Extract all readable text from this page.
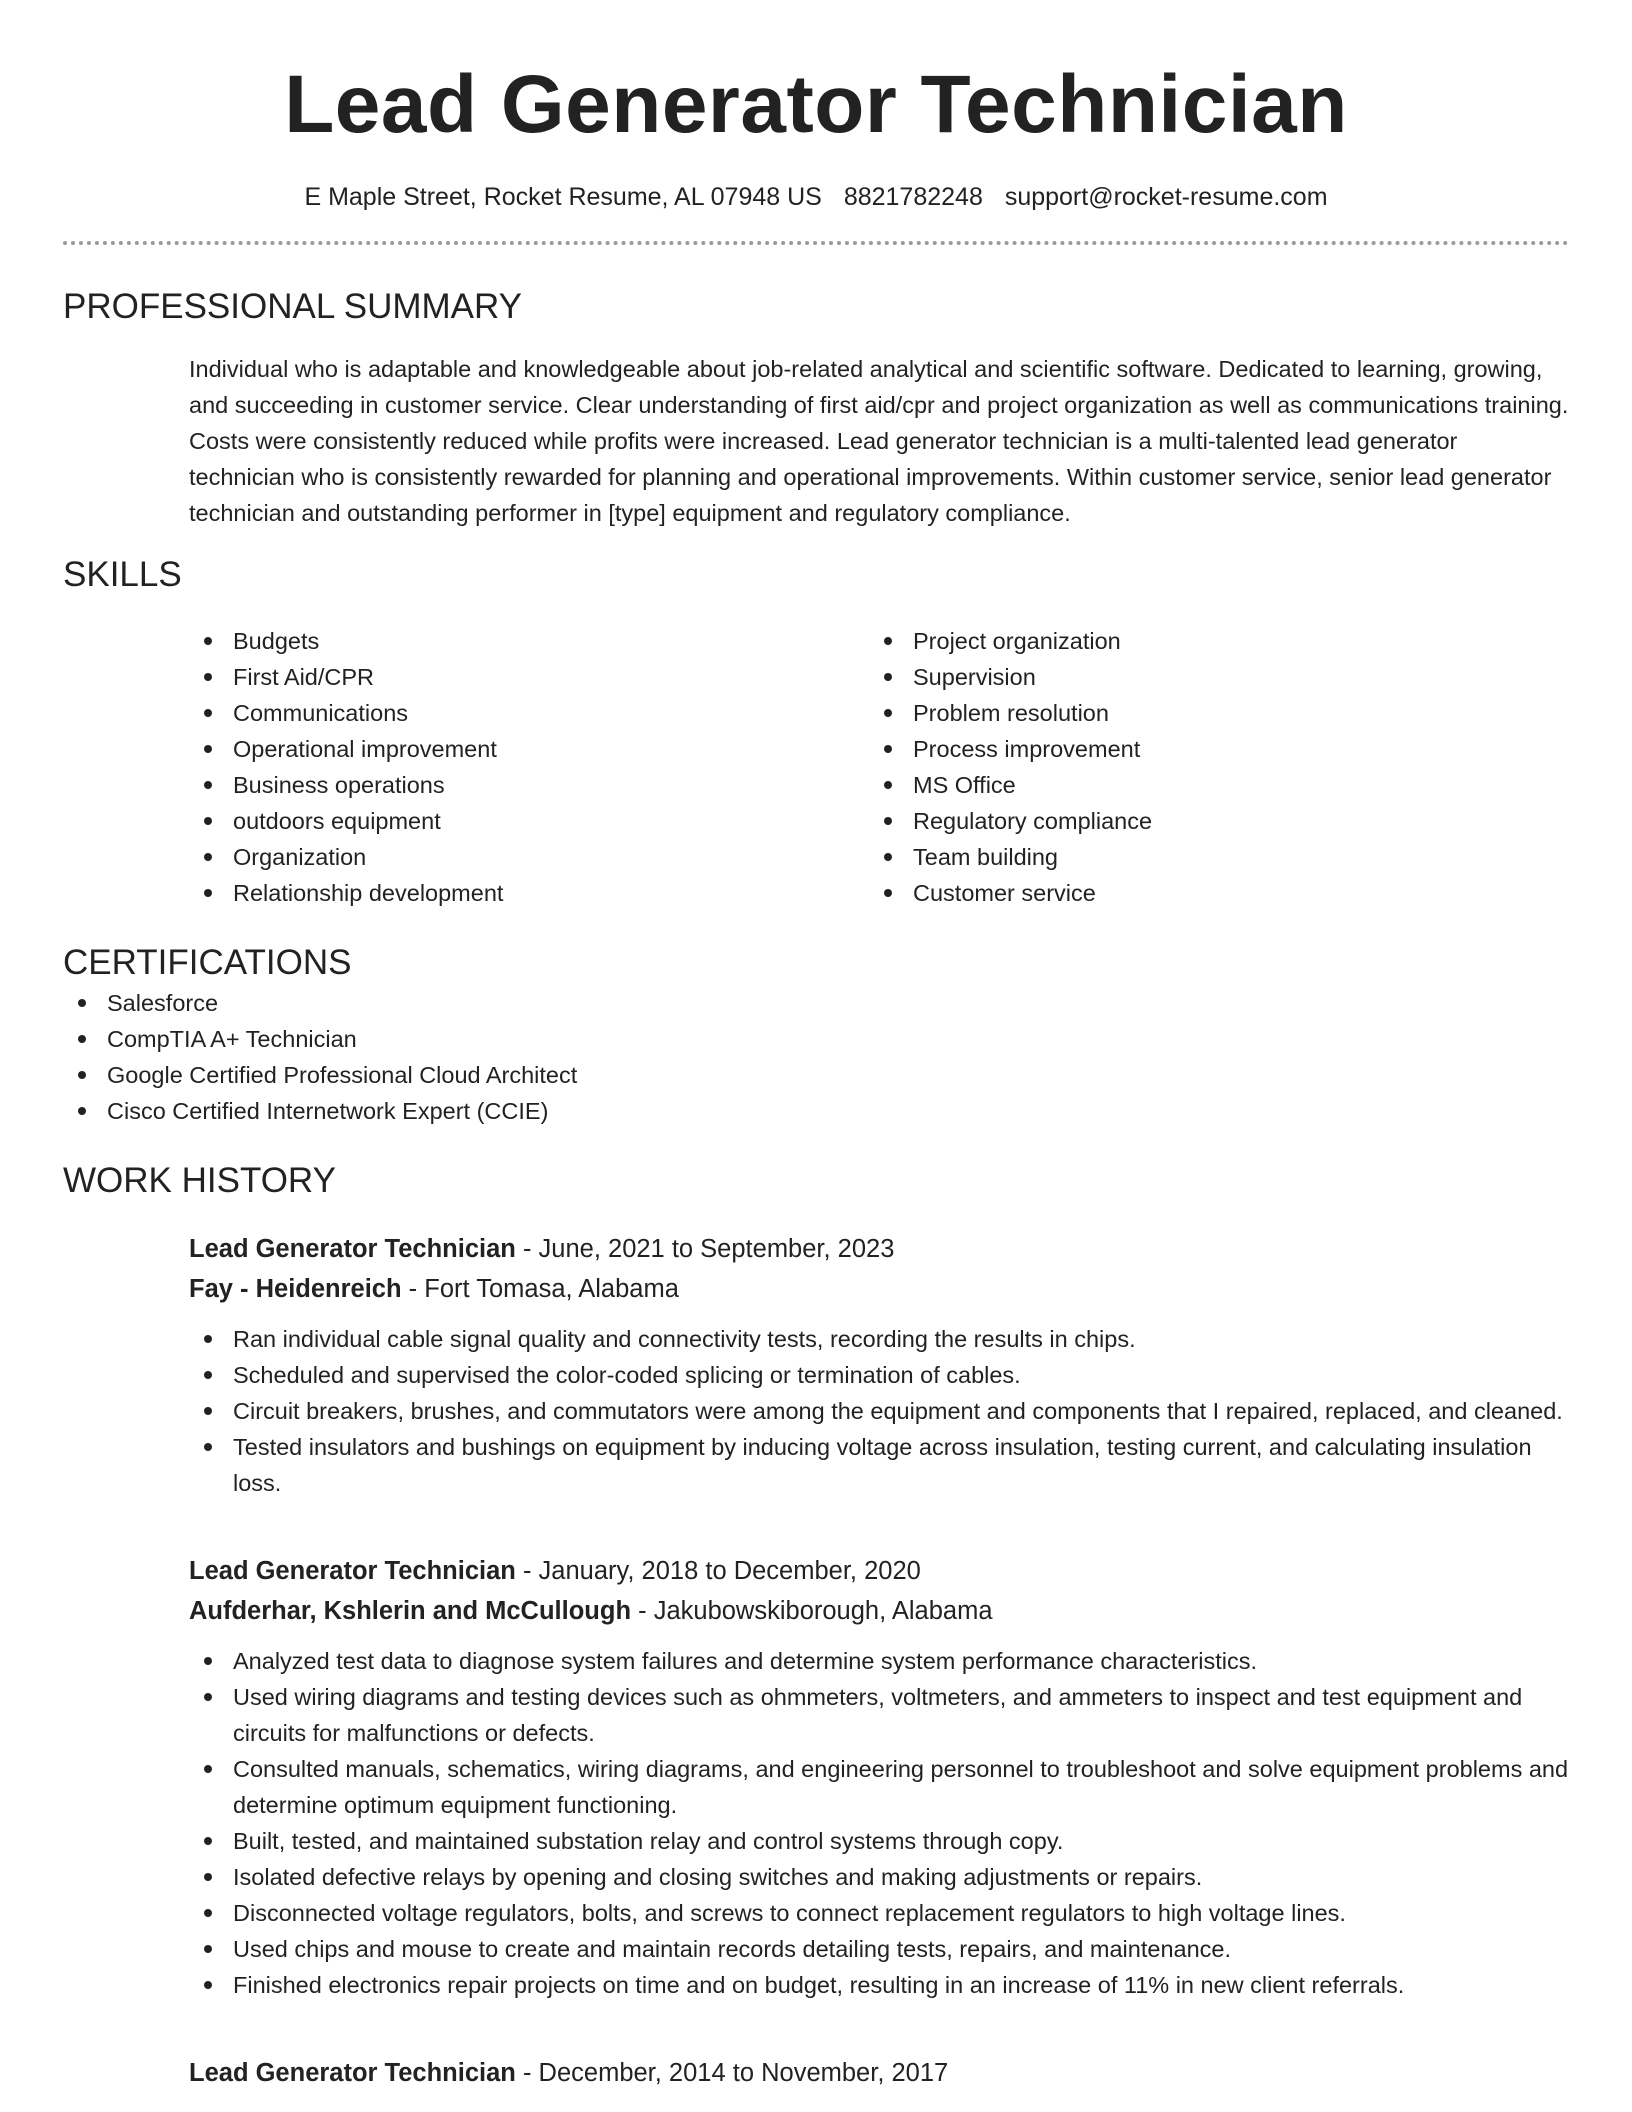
Lead Generator Technician
E Maple Street, Rocket Resume, AL 07948 US 8821782248 support@rocket-resume.com
PROFESSIONAL SUMMARY

Individual who is adaptable and knowledgeable about job-related analytical and scientific software. Dedicated to learning, growing, and succeeding in customer service. Clear understanding of first aid/cpr and project organization as well as communications training. Costs were consistently reduced while profits were increased. Lead generator technician is a multi-talented lead generator technician who is consistently rewarded for planning and operational improvements. Within customer service, senior lead generator technician and outstanding performer in [type] equipment and regulatory compliance.

SKILLS
Budgets
First Aid/CPR
Communications
Operational improvement
Business operations
outdoors equipment
Organization
Relationship development
Project organization
Supervision
Problem resolution
Process improvement
MS Office
Regulatory compliance
Team building
Customer service
CERTIFICATIONS
Salesforce
CompTIA A+ Technician
Google Certified Professional Cloud Architect
Cisco Certified Internetwork Expert (CCIE)
WORK HISTORY
Lead Generator Technician - June, 2021 to September, 2023
Fay - Heidenreich - Fort Tomasa, Alabama
Ran individual cable signal quality and connectivity tests, recording the results in chips.
Scheduled and supervised the color-coded splicing or termination of cables.
Circuit breakers, brushes, and commutators were among the equipment and components that I repaired, replaced, and cleaned.
Tested insulators and bushings on equipment by inducing voltage across insulation, testing current, and calculating insulation loss.
Lead Generator Technician - January, 2018 to December, 2020
Aufderhar, Kshlerin and McCullough - Jakubowskiborough, Alabama
Analyzed test data to diagnose system failures and determine system performance characteristics.
Used wiring diagrams and testing devices such as ohmmeters, voltmeters, and ammeters to inspect and test equipment and circuits for malfunctions or defects.
Consulted manuals, schematics, wiring diagrams, and engineering personnel to troubleshoot and solve equipment problems and determine optimum equipment functioning.
Built, tested, and maintained substation relay and control systems through copy.
Isolated defective relays by opening and closing switches and making adjustments or repairs.
Disconnected voltage regulators, bolts, and screws to connect replacement regulators to high voltage lines.
Used chips and mouse to create and maintain records detailing tests, repairs, and maintenance.
Finished electronics repair projects on time and on budget, resulting in an increase of 11% in new client referrals.
Lead Generator Technician - December, 2014 to November, 2017
